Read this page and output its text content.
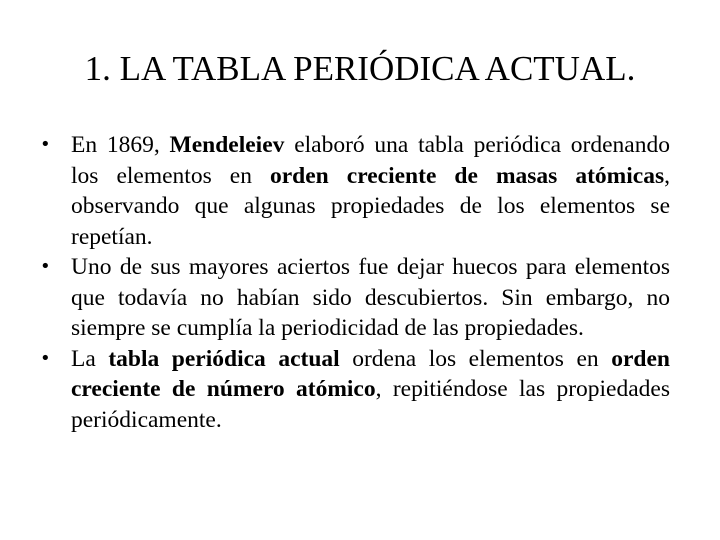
1. LA TABLA PERIÓDICA ACTUAL.
• En 1869, Mendeleiev elaboró una tabla periódica ordenando los elementos en orden creciente de masas atómicas, observando que algunas propiedades de los elementos se repetían.
• Uno de sus mayores aciertos fue dejar huecos para elementos que todavía no habían sido descubiertos. Sin embargo, no siempre se cumplía la periodicidad de las propiedades.
• La tabla periódica actual ordena los elementos en orden creciente de número atómico, repitiéndose las propiedades periódicamente.
